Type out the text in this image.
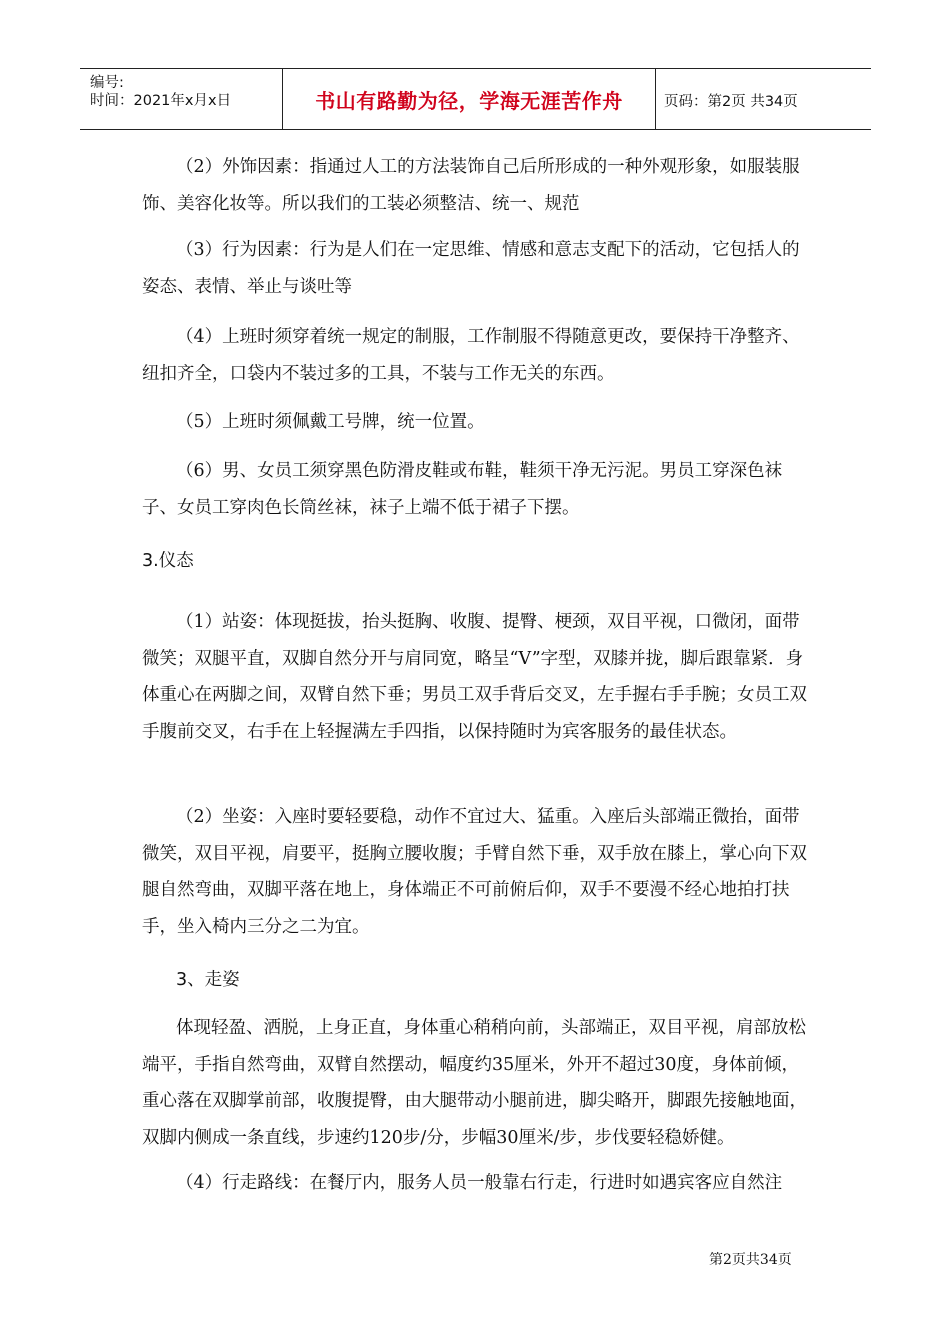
编号:
时间：2021年x月x日	书山有路勤为径，学海无涯苦作舟	页码：第2页 共34页

（2）外饰因素：指通过人工的方法装饰自己后所形成的一种外观形象，如服装服饰、美容化妆等。所以我们的工装必须整洁、统一、规范

（3）行为因素：行为是人们在一定思维、情感和意志支配下的活动，它包括人的姿态、表情、举止与谈吐等

（4）上班时须穿着统一规定的制服，工作制服不得随意更改，要保持干净整齐、纽扣齐全，口袋内不装过多的工具，不装与工作无关的东西。

（5）上班时须佩戴工号牌，统一位置。

（6）男、女员工须穿黑色防滑皮鞋或布鞋，鞋须干净无污泥。男员工穿深色袜子、女员工穿肉色长筒丝袜，袜子上端不低于裙子下摆。

3.仪态

（1）站姿：体现挺拔，抬头挺胸、收腹、提臀、梗颈，双目平视，口微闭，面带微笑；双腿平直，双脚自然分开与肩同宽，略呈“V”字型，双膝并拢，脚后跟靠紧．身体重心在两脚之间，双臂自然下垂；男员工双手背后交叉，左手握右手手腕；女员工双手腹前交叉，右手在上轻握满左手四指，以保持随时为宾客服务的最佳状态。

（2）坐姿：入座时要轻要稳，动作不宜过大、猛重。入座后头部端正微抬，面带微笑，双目平视，肩要平，挺胸立腰收腹；手臂自然下垂，双手放在膝上，掌心向下双腿自然弯曲，双脚平落在地上，身体端正不可前俯后仰，双手不要漫不经心地拍打扶手，坐入椅内三分之二为宜。

3、走姿

体现轻盈、洒脱，上身正直，身体重心稍稍向前，头部端正，双目平视，肩部放松端平，手指自然弯曲，双臂自然摆动，幅度约35厘米，外开不超过30度，身体前倾，重心落在双脚掌前部，收腹提臀，由大腿带动小腿前进，脚尖略开，脚跟先接触地面，双脚内侧成一条直线，步速约120步/分，步幅30厘米/步，步伐要轻稳娇健。

（4）行走路线：在餐厅内，服务人员一般靠右行走，行进时如遇宾客应自然注

第2页共34页
